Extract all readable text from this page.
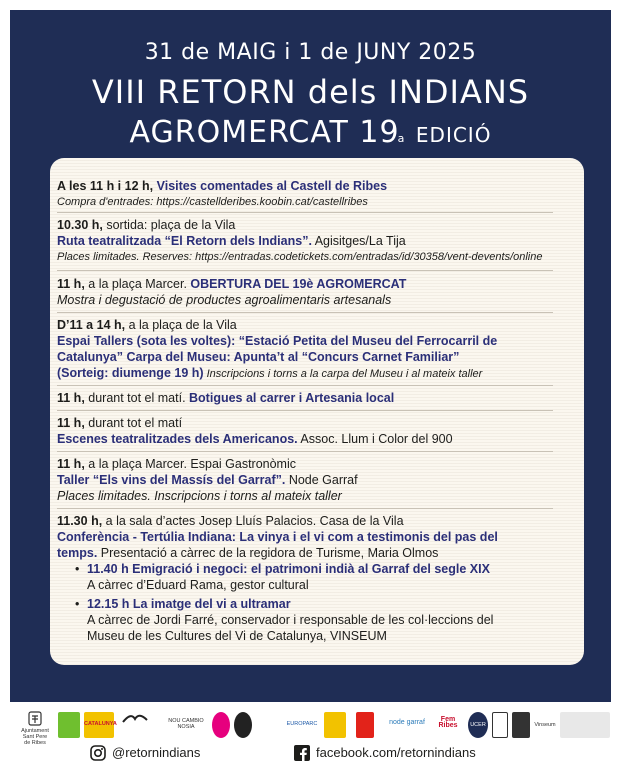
31 de MAIG i 1 de JUNY 2025
VIII RETORN dels INDIANS
AGROMERCAT 19a EDICIÓ
A les 11 h i 12 h, Visites comentades al Castell de Ribes
Compra d'entrades: https://castellderibes.koobin.cat/castellribes
10.30 h, sortida: plaça de la Vila
Ruta teatralitzada “El Retorn dels Indians”. Agisitges/La Tija
Places limitades. Reserves: https://entradas.codetickets.com/entradas/id/30358/vent-devents/online
11 h, a la plaça Marcer. OBERTURA DEL 19è AGROMERCAT
Mostra i degustació de productes agroalimentaris artesanals
D’11 a 14 h, a la plaça de la Vila
Espai Tallers (sota les voltes): “Estació Petita del Museu del Ferrocarril de
Catalunya” Carpa del Museu: Apunta’t al “Concurs Carnet Familiar”
(Sorteig: diumenge 19 h) Inscripcions i torns a la carpa del Museu i al mateix taller
11 h, durant tot el matí. Botigues al carrer i Artesania local
11 h, durant tot el matí
Escenes teatralitzades dels Americanos. Assoc. Llum i Color del 900
11 h, a la plaça Marcer. Espai Gastronòmic
Taller “Els vins del Massís del Garraf”. Node Garraf
Places limitades. Inscripcions i torns al mateix taller
11.30 h, a la sala d’actes Josep Lluís Palacios. Casa de la Vila
Conferència - Tertúlia Indiana: La vinya i el vi com a testimonis del pas del
temps. Presentació a càrrec de la regidora de Turisme, Maria Olmos
• 11.40 h Emigració i negoci: el patrimoni indià al Garraf del segle XIX
A càrrec d’Eduard Rama, gestor cultural
• 12.15 h La imatge del vi a ultramar
A càrrec de Jordi Farré, conservador i responsable de les col·leccions del
Museu de les Cultures del Vi de Catalunya, VINSEUM
Ajuntament Sant Pere de Ribes
CATALUNYA	NOU CAMBIO NOSIA	EUROPARC	node garraf	Fem Ribes	UCER	Vinseum
@retornindians	facebook.com/retornindians
